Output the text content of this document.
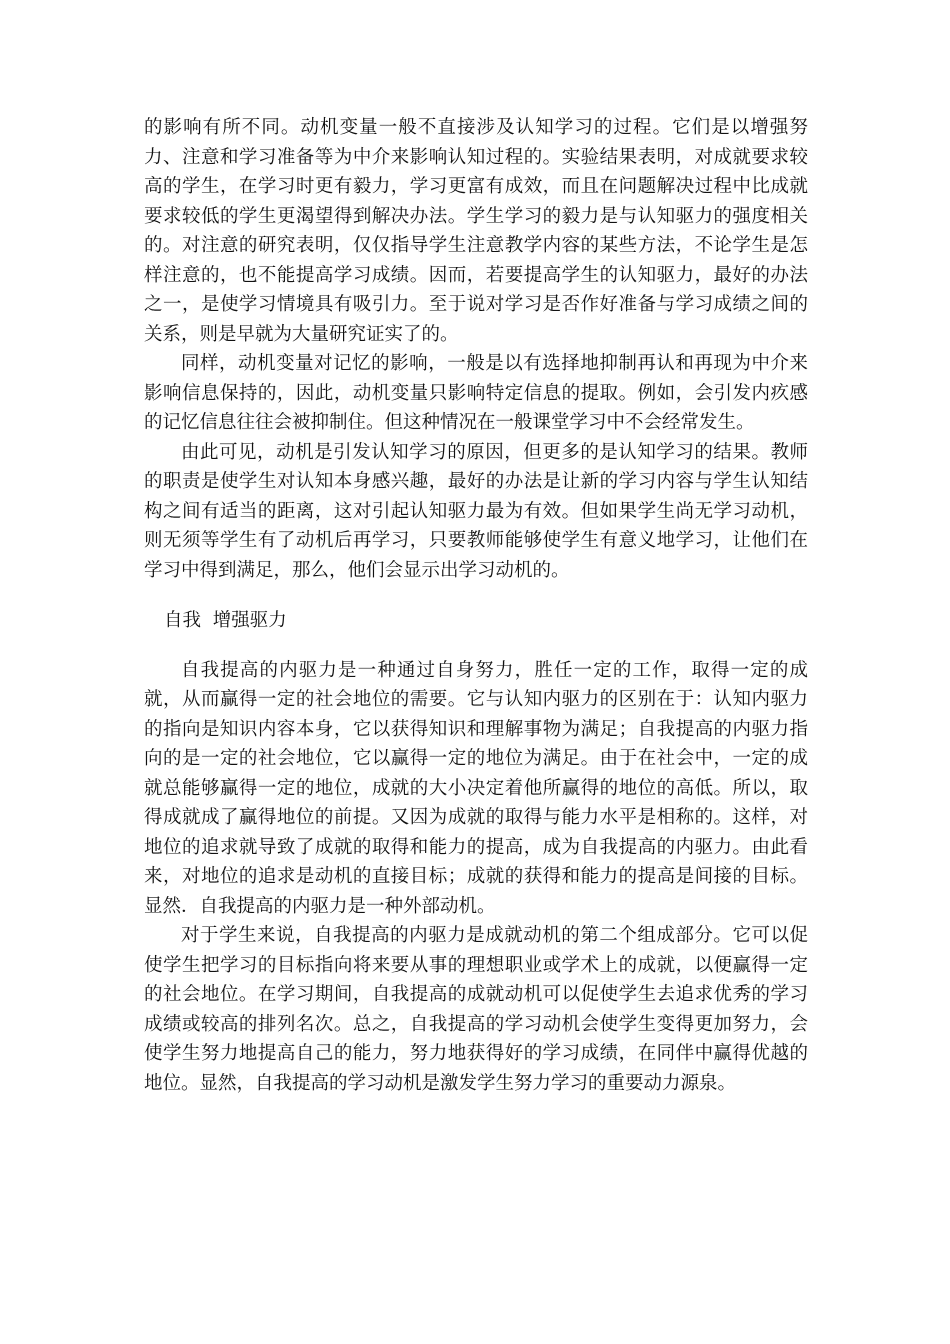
的影响有所不同。动机变量一般不直接涉及认知学习的过程。它们是以增强努力、注意和学习准备等为中介来影响认知过程的。实验结果表明，对成就要求较高的学生，在学习时更有毅力，学习更富有成效，而且在问题解决过程中比成就要求较低的学生更渴望得到解决办法。学生学习的毅力是与认知驱力的强度相关的。对注意的研究表明，仅仅指导学生注意教学内容的某些方法，不论学生是怎样注意的，也不能提高学习成绩。因而，若要提高学生的认知驱力，最好的办法之一，是使学习情境具有吸引力。至于说对学习是否作好准备与学习成绩之间的关系，则是早就为大量研究证实了的。

同样，动机变量对记忆的影响，一般是以有选择地抑制再认和再现为中介来影响信息保持的，因此，动机变量只影响特定信息的提取。例如，会引发内疚感的记忆信息往往会被抑制住。但这种情况在一般课堂学习中不会经常发生。

由此可见，动机是引发认知学习的原因，但更多的是认知学习的结果。教师的职责是使学生对认知本身感兴趣，最好的办法是让新的学习内容与学生认知结构之间有适当的距离，这对引起认知驱力最为有效。但如果学生尚无学习动机，则无须等学生有了动机后再学习，只要教师能够使学生有意义地学习，让他们在学习中得到满足，那么，他们会显示出学习动机的。

自我  增强驱力

自我提高的内驱力是一种通过自身努力，胜任一定的工作，取得一定的成就，从而赢得一定的社会地位的需要。它与认知内驱力的区别在于：认知内驱力的指向是知识内容本身，它以获得知识和理解事物为满足；自我提高的内驱力指向的是一定的社会地位，它以赢得一定的地位为满足。由于在社会中，一定的成就总能够赢得一定的地位，成就的大小决定着他所赢得的地位的高低。所以，取得成就成了赢得地位的前提。又因为成就的取得与能力水平是相称的。这样，对地位的追求就导致了成就的取得和能力的提高，成为自我提高的内驱力。由此看来，对地位的追求是动机的直接目标；成就的获得和能力的提高是间接的目标。显然．自我提高的内驱力是一种外部动机。

对于学生来说，自我提高的内驱力是成就动机的第二个组成部分。它可以促使学生把学习的目标指向将来要从事的理想职业或学术上的成就，以便赢得一定的社会地位。在学习期间，自我提高的成就动机可以促使学生去追求优秀的学习成绩或较高的排列名次。总之，自我提高的学习动机会使学生变得更加努力，会使学生努力地提高自己的能力，努力地获得好的学习成绩，在同伴中赢得优越的地位。显然，自我提高的学习动机是激发学生努力学习的重要动力源泉。
